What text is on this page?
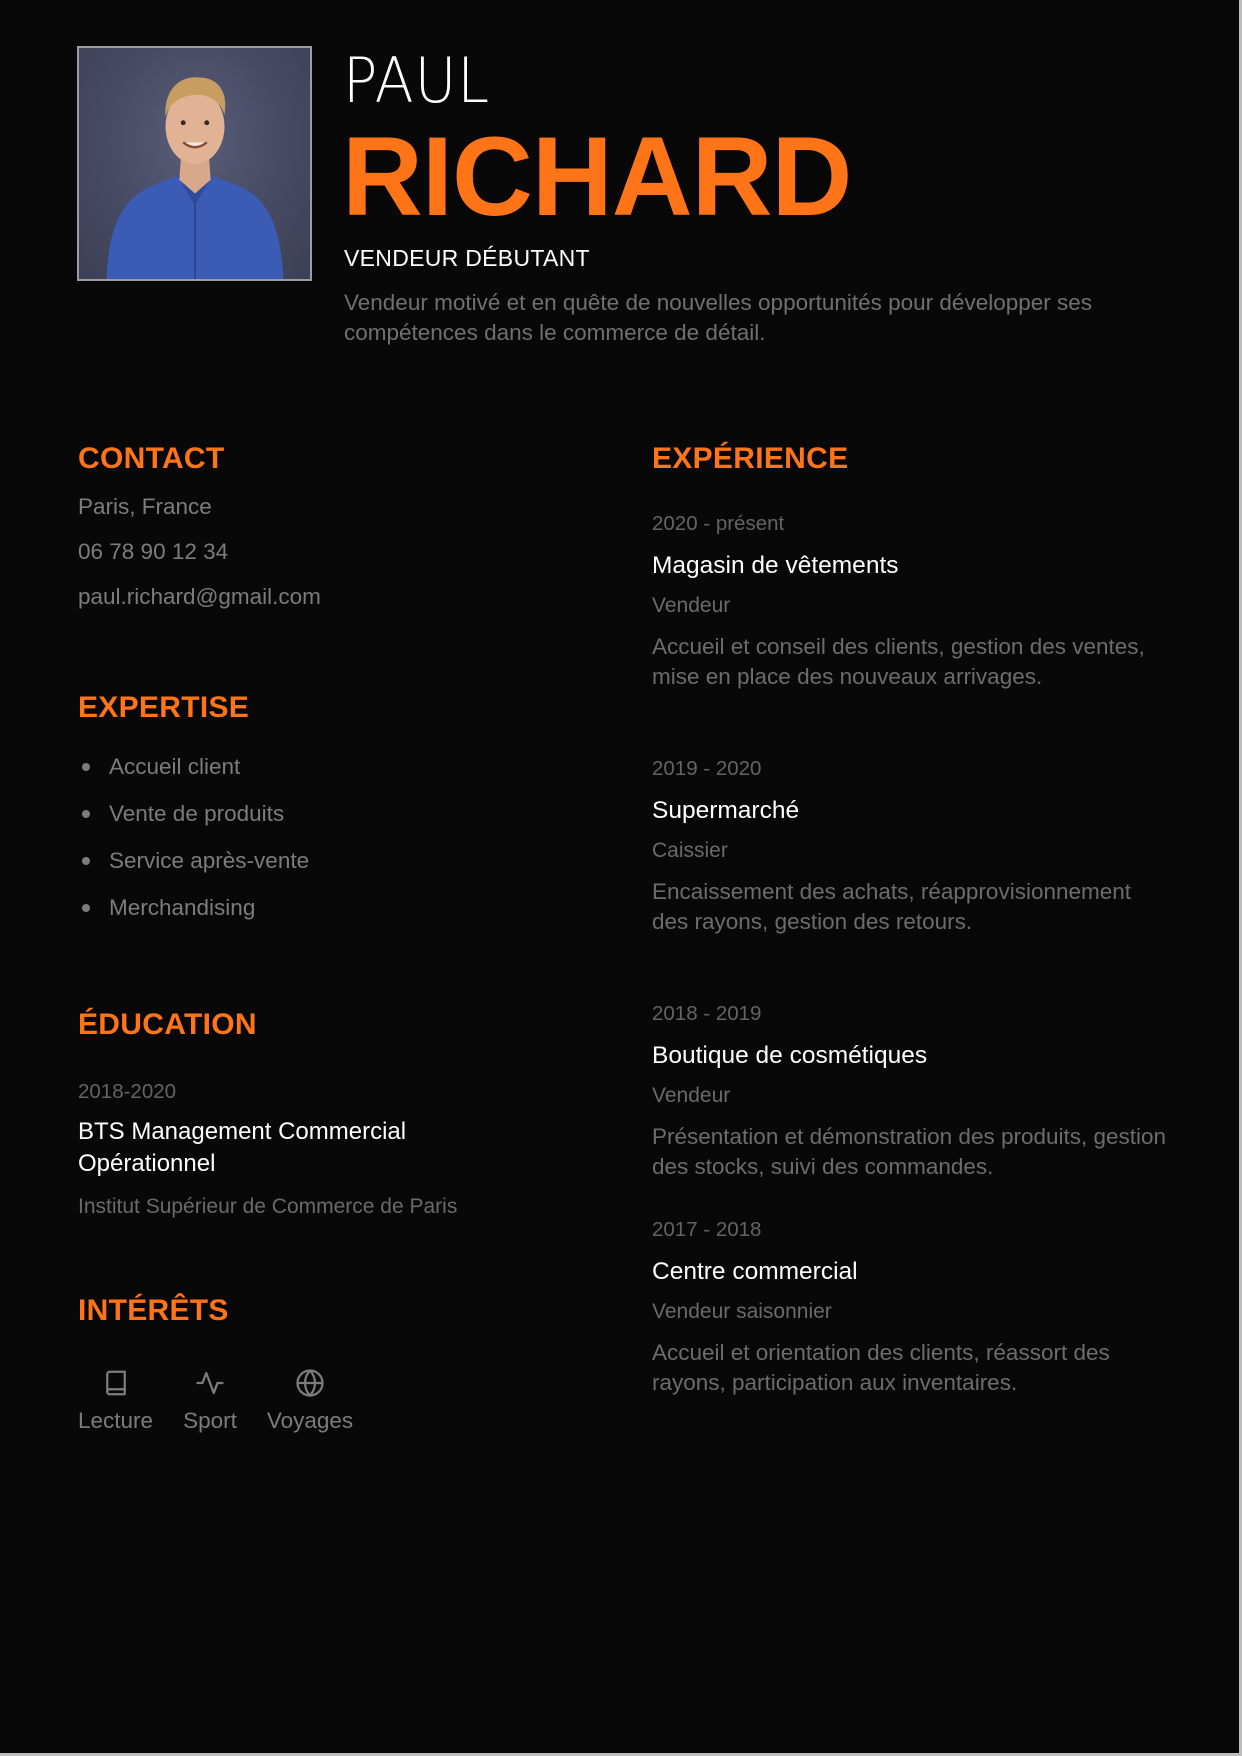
PAUL
RICHARD
VENDEUR DÉBUTANT
Vendeur motivé et en quête de nouvelles opportunités pour développer ses compétences dans le commerce de détail.
CONTACT
Paris, France
06 78 90 12 34
paul.richard@gmail.com
EXPERTISE
Accueil client
Vente de produits
Service après-vente
Merchandising
ÉDUCATION
2018-2020
BTS Management Commercial Opérationnel
Institut Supérieur de Commerce de Paris
INTÉRÊTS
Lecture Sport Voyages
EXPÉRIENCE
2020 - présent
Magasin de vêtements
Vendeur
Accueil et conseil des clients, gestion des ventes, mise en place des nouveaux arrivages.
2019 - 2020
Supermarché
Caissier
Encaissement des achats, réapprovisionnement des rayons, gestion des retours.
2018 - 2019
Boutique de cosmétiques
Vendeur
Présentation et démonstration des produits, gestion des stocks, suivi des commandes.
2017 - 2018
Centre commercial
Vendeur saisonnier
Accueil et orientation des clients, réassort des rayons, participation aux inventaires.
